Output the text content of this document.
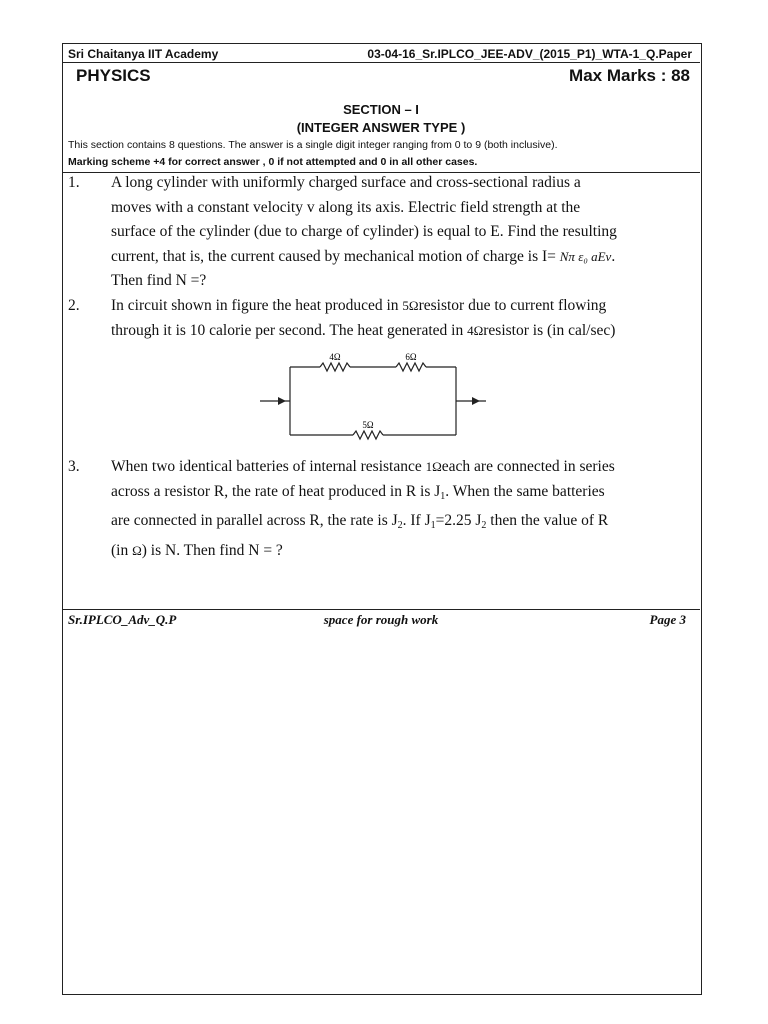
Sri Chaitanya IIT Academy	03-04-16_Sr.IPLCO_JEE-ADV_(2015_P1)_WTA-1_Q.Paper
PHYSICS	Max Marks : 88
SECTION – I
(INTEGER ANSWER TYPE )
This section contains 8 questions. The answer is a single digit integer ranging from 0 to 9 (both inclusive).
Marking scheme +4 for correct answer , 0 if not attempted and 0 in all other cases.
1. A long cylinder with uniformly charged surface and cross-sectional radius a

moves with a constant velocity v along its axis. Electric field strength at the

surface of the cylinder (due to charge of cylinder) is equal to E. Find the resulting

current, that is, the current caused by mechanical motion of charge is I= Nπ ε₀ aEv.

Then find N =?

2. In circuit shown in figure the heat produced in 5Ωresistor due to current flowing

through it is 10 calorie per second. The heat generated in 4Ωresistor is (in cal/sec)

4Ω	6Ω
5Ω
3. When two identical batteries of internal resistance 1Ωeach are connected in series

across a resistor R, the rate of heat produced in R is $J_1$. When the same batteries

are connected in parallel across R, the rate is $J_2$. If $J_1=2.25$ $J_2$ then the value of R

(in Ω) is N. Then find N = ?

space for rough work
Sr.IPLCO_Adv_Q.P	Page 3
